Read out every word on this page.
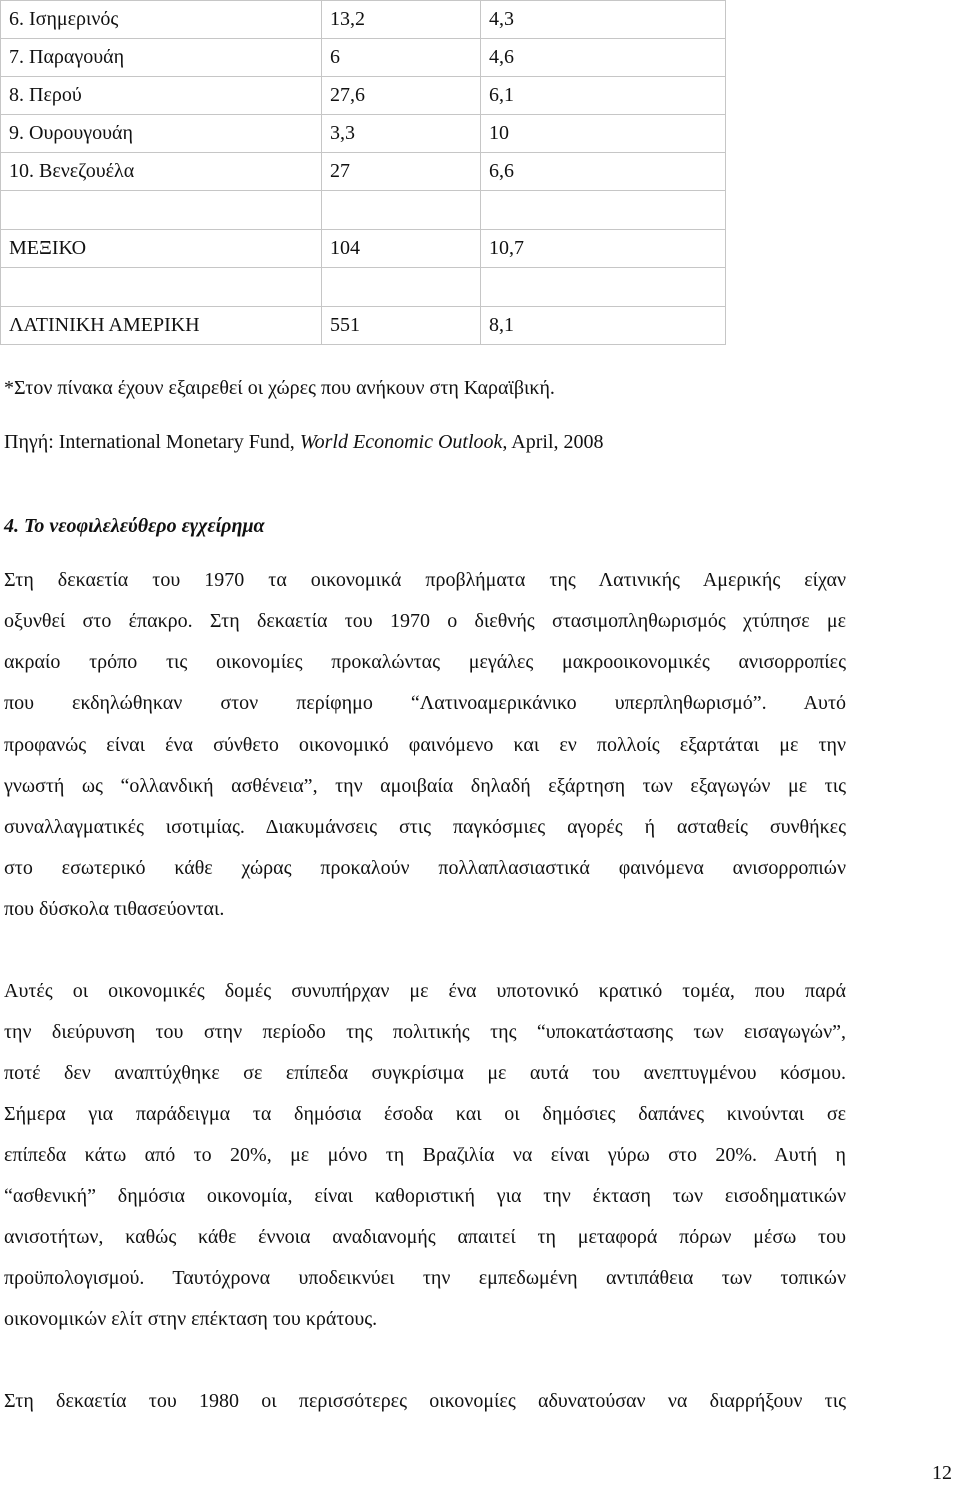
6. Ισημερινός	13,2	4,3
7. Παραγουάη	6	4,6
8. Περού	27,6	6,1
9. Ουρουγουάη	3,3	10
10. Βενεζουέλα	27	6,6

ΜΕΞΙΚΟ	104	10,7

ΛΑΤΙΝΙΚΗ ΑΜΕΡΙΚΗ	551	8,1
*Στον πίνακα έχουν εξαιρεθεί οι χώρες που ανήκουν στη Καραϊβική.
Πηγή: International Monetary Fund, World Economic Outlook, April, 2008
4. Το νεοφιλελεύθερο εγχείρημα
Στη δεκαετία του 1970 τα οικονομικά προβλήματα της Λατινικής Αμερικής είχαν
οξυνθεί στο έπακρο. Στη δεκαετία του 1970 ο διεθνής στασιμοπληθωρισμός χτύπησε με
ακραίο τρόπο τις οικονομίες προκαλώντας μεγάλες μακροοικονομικές ανισορροπίες
που εκδηλώθηκαν στον περίφημο “Λατινοαμερικάνικο υπερπληθωρισμό”. Αυτό
προφανώς είναι ένα σύνθετο οικονομικό φαινόμενο και εν πολλοίς εξαρτάται με την
γνωστή ως “ολλανδική ασθένεια”, την αμοιβαία δηλαδή εξάρτηση των εξαγωγών με τις
συναλλαγματικές ισοτιμίας. Διακυμάνσεις στις παγκόσμιες αγορές ή ασταθείς συνθήκες
στο εσωτερικό κάθε χώρας προκαλούν πολλαπλασιαστικά φαινόμενα ανισορροπιών
που δύσκολα τιθασεύονται.
Αυτές οι οικονομικές δομές συνυπήρχαν με ένα υποτονικό κρατικό τομέα, που παρά
την διεύρυνση του στην περίοδο της πολιτικής της “υποκατάστασης των εισαγωγών”,
ποτέ δεν αναπτύχθηκε σε επίπεδα συγκρίσιμα με αυτά του ανεπτυγμένου κόσμου.
Σήμερα για παράδειγμα τα δημόσια έσοδα και οι δημόσιες δαπάνες κινούνται σε
επίπεδα κάτω από το 20%, με μόνο τη Βραζιλία να είναι γύρω στο 20%. Αυτή η
“ασθενική” δημόσια οικονομία, είναι καθοριστική για την έκταση των εισοδηματικών
ανισοτήτων, καθώς κάθε έννοια αναδιανομής απαιτεί τη μεταφορά πόρων μέσω του
προϋπολογισμού. Ταυτόχρονα υποδεικνύει την εμπεδωμένη αντιπάθεια των τοπικών
οικονομικών ελίτ στην επέκταση του κράτους.
Στη δεκαετία του 1980 οι περισσότερες οικονομίες αδυνατούσαν να διαρρήξουν τις
12
